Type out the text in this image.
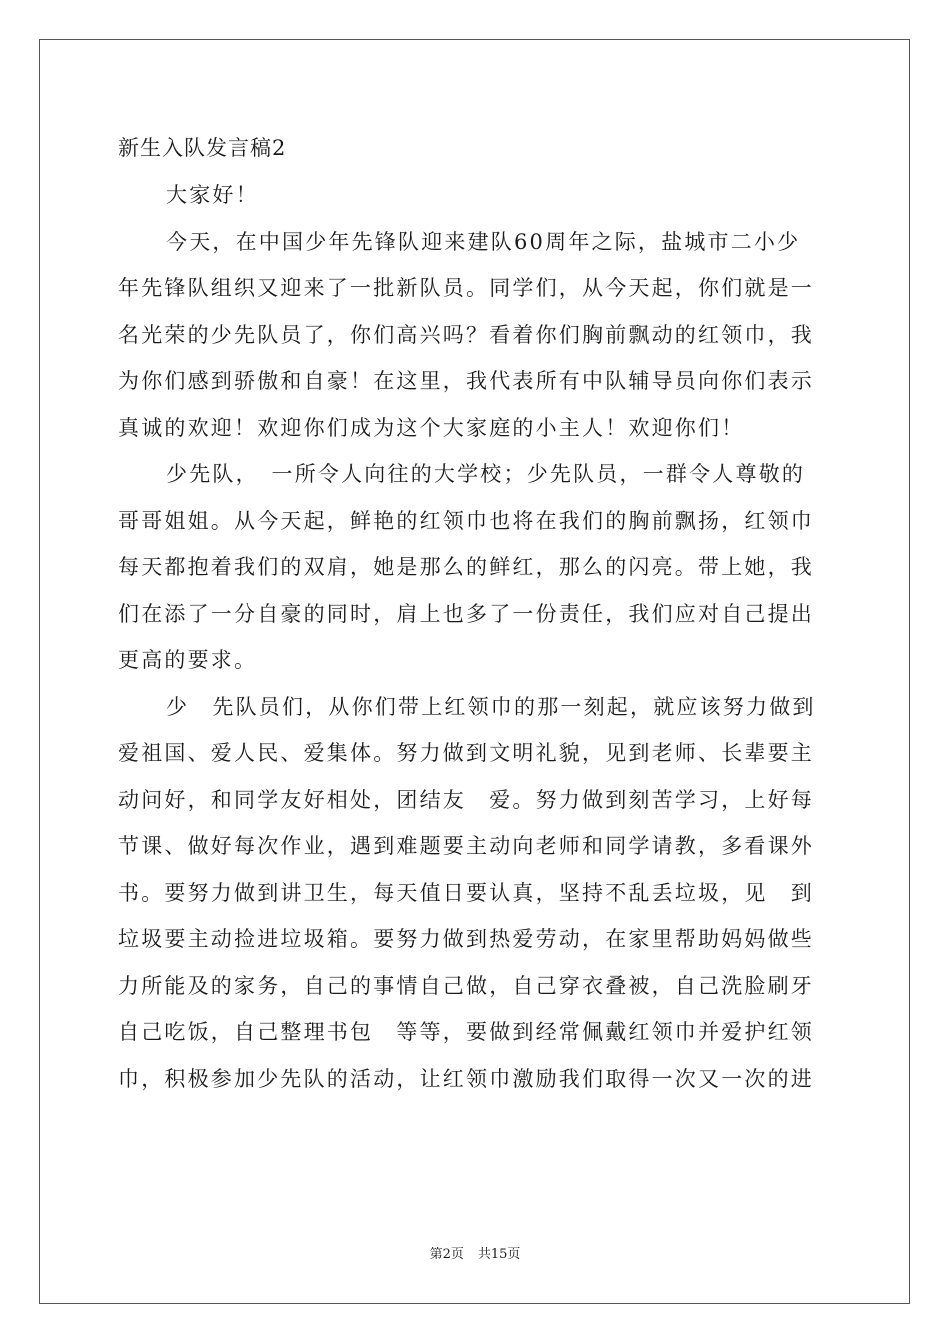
新生入队发言稿2

大家好！

今天，在中国少年先锋队迎来建队60周年之际，盐城市二小少
年先锋队组织又迎来了一批新队员。同学们，从今天起，你们就是一
名光荣的少先队员了，你们高兴吗？看着你们胸前飘动的红领巾，我
为你们感到骄傲和自豪！在这里，我代表所有中队辅导员向你们表示
真诚的欢迎！欢迎你们成为这个大家庭的小主人！欢迎你们！

少先队，　一所令人向往的大学校；少先队员，一群令人尊敬的
哥哥姐姐。从今天起，鲜艳的红领巾也将在我们的胸前飘扬，红领巾
每天都抱着我们的双肩，她是那么的鲜红，那么的闪亮。带上她，我
们在添了一分自豪的同时，肩上也多了一份责任，我们应对自己提出
更高的要求。

少　先队员们，从你们带上红领巾的那一刻起，就应该努力做到
爱祖国、爱人民、爱集体。努力做到文明礼貌，见到老师、长辈要主
动问好，和同学友好相处，团结友　爱。努力做到刻苦学习，上好每
节课、做好每次作业，遇到难题要主动向老师和同学请教，多看课外
书。要努力做到讲卫生，每天值日要认真，坚持不乱丢垃圾，见　到
垃圾要主动捡进垃圾箱。要努力做到热爱劳动，在家里帮助妈妈做些
力所能及的家务，自己的事情自己做，自己穿衣叠被，自己洗脸刷牙
自己吃饭，自己整理书包　等等，要做到经常佩戴红领巾并爱护红领
巾，积极参加少先队的活动，让红领巾激励我们取得一次又一次的进

第2页 共15页
